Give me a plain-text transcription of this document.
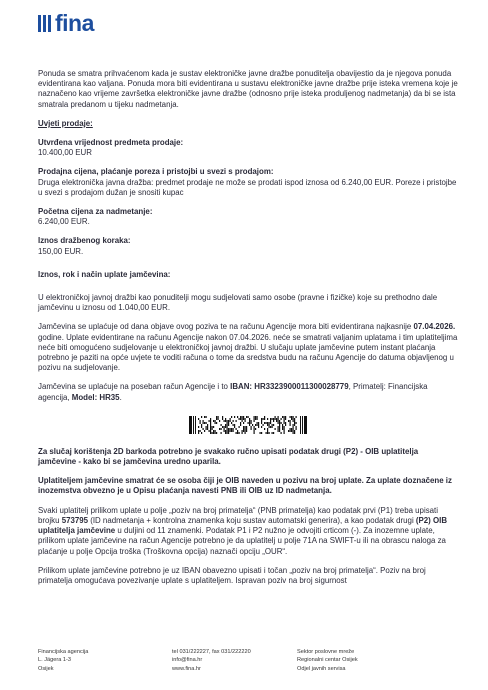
fina

Ponuda se smatra prihvaćenom kada je sustav elektroničke javne dražbe ponuditelja obavijestio da je njegova ponuda evidentirana kao valjana. Ponuda mora biti evidentirana u sustavu elektroničke javne dražbe prije isteka vremena koje je naznačeno kao vrijeme završetka elektroničke javne dražbe (odnosno prije isteka produljenog nadmetanja) da bi se ista smatrala predanom u tijeku nadmetanja.

Uvjeti prodaje:

Utvrđena vrijednost predmeta prodaje:

10.400,00 EUR

Prodajna cijena, plaćanje poreza i pristojbi u svezi s prodajom:

Druga elektronička javna dražba: predmet prodaje ne može se prodati ispod iznosa od 6.240,00 EUR. Poreze i pristojbe u svezi s prodajom dužan je snositi kupac

Početna cijena za nadmetanje:

6.240,00 EUR.

Iznos dražbenog koraka:

150,00 EUR.

Iznos, rok i način uplate jamčevina:

U elektroničkoj javnoj dražbi kao ponuditelji mogu sudjelovati samo osobe (pravne i fizičke) koje su prethodno dale jamčevinu u iznosu od 1.040,00 EUR.

Jamčevina se uplaćuje od dana objave ovog poziva te na računu Agencije mora biti evidentirana najkasnije 07.04.2026. godine. Uplate evidentirane na računu Agencije nakon 07.04.2026. neće se smatrati valjanim uplatama i tim uplatiteljima neće biti omogućeno sudjelovanje u elektroničkoj javnoj dražbi. U slučaju uplate jamčevine putem instant plaćanja potrebno je paziti na opće uvjete te voditi računa o tome da sredstva budu na računu Agencije do datuma objavljenog u pozivu na sudjelovanje.

Jamčevina se uplaćuje na poseban račun Agencije i to IBAN: HR3323900011300028779, Primatelj: Financijska agencija, Model: HR35.

Za slučaj korištenja 2D barkoda potrebno je svakako ručno upisati podatak drugi (P2) - OIB uplatitelja jamčevine - kako bi se jamčevina uredno uparila.

Uplatiteljem jamčevine smatrat će se osoba čiji je OIB naveden u pozivu na broj uplate. Za uplate doznačene iz inozemstva obvezno je u Opisu plaćanja navesti PNB ili OIB uz ID nadmetanja.

Svaki uplatitelj prilikom uplate u polje „poziv na broj primatelja“ (PNB primatelja) kao podatak prvi (P1) treba upisati brojku 573795 (ID nadmetanja + kontrolna znamenka koju sustav automatski generira), a kao podatak drugi (P2) OIB uplatitelja jamčevine u duljini od 11 znamenki. Podatak P1 i P2 nužno je odvojiti crticom (-). Za inozemne uplate, prilikom uplate jamčevine na račun Agencije potrebno je da uplatitelj u polje 71A na SWIFT-u ili na obrascu naloga za plaćanje u polje Opcija troška (Troškovna opcija) naznači opciju „OUR“.

Prilikom uplate jamčevine potrebno je uz IBAN obavezno upisati i točan „poziv na broj primatelja“. Poziv na broj primatelja omogućava povezivanje uplate s uplatiteljem. Ispravan poziv na broj sigurnost

Financijska agencija
L. Jägera 1-3
Osijek
tel 031/222227, fax 031/222220
info@fina.hr
www.fina.hr
Sektor poslovne mreže
Regionalni centar Osijek
Odjel javnih servisa
